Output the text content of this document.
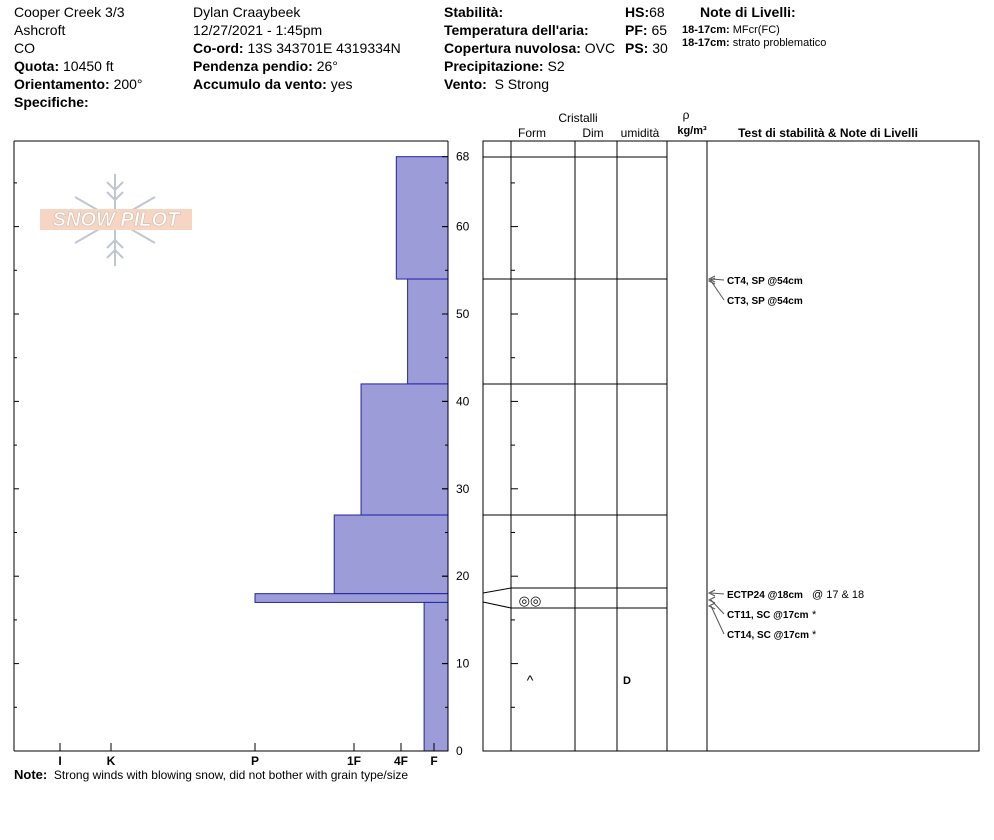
Cooper Creek 3/3
Ashcroft
CO
Quota: 10450 ft
Orientamento: 200°
Specifiche:
Dylan Craaybeek
12/27/2021 - 1:45pm
Co-ord: 13S 343701E 4319334N
Pendenza pendio: 26°
Accumulo da vento: yes
Stabilità:
Temperatura dell'aria:
Copertura nuvolosa: OVC
Precipitazione: S2
Vento: S Strong
HS:68
PF: 65
PS: 30
Note di Livelli:
18-17cm: MFcr(FC)
18-17cm: strato problematico
SNOW PILOT
0
10
20
30
40
50
60
68
I	K	P	1F	4F F
◎◎
^	D
CT4, SP @54cm
CT3, SP @54cm
ECTP24 @18cm @ 17 & 18
CT11, SC @17cm *
CT14, SC @17cm *
Cristalli
Form	Dim umidità
ρ
kg/m³	Test di stabilità & Note di Livelli
Note: Strong winds with blowing snow, did not bother with grain type/size
